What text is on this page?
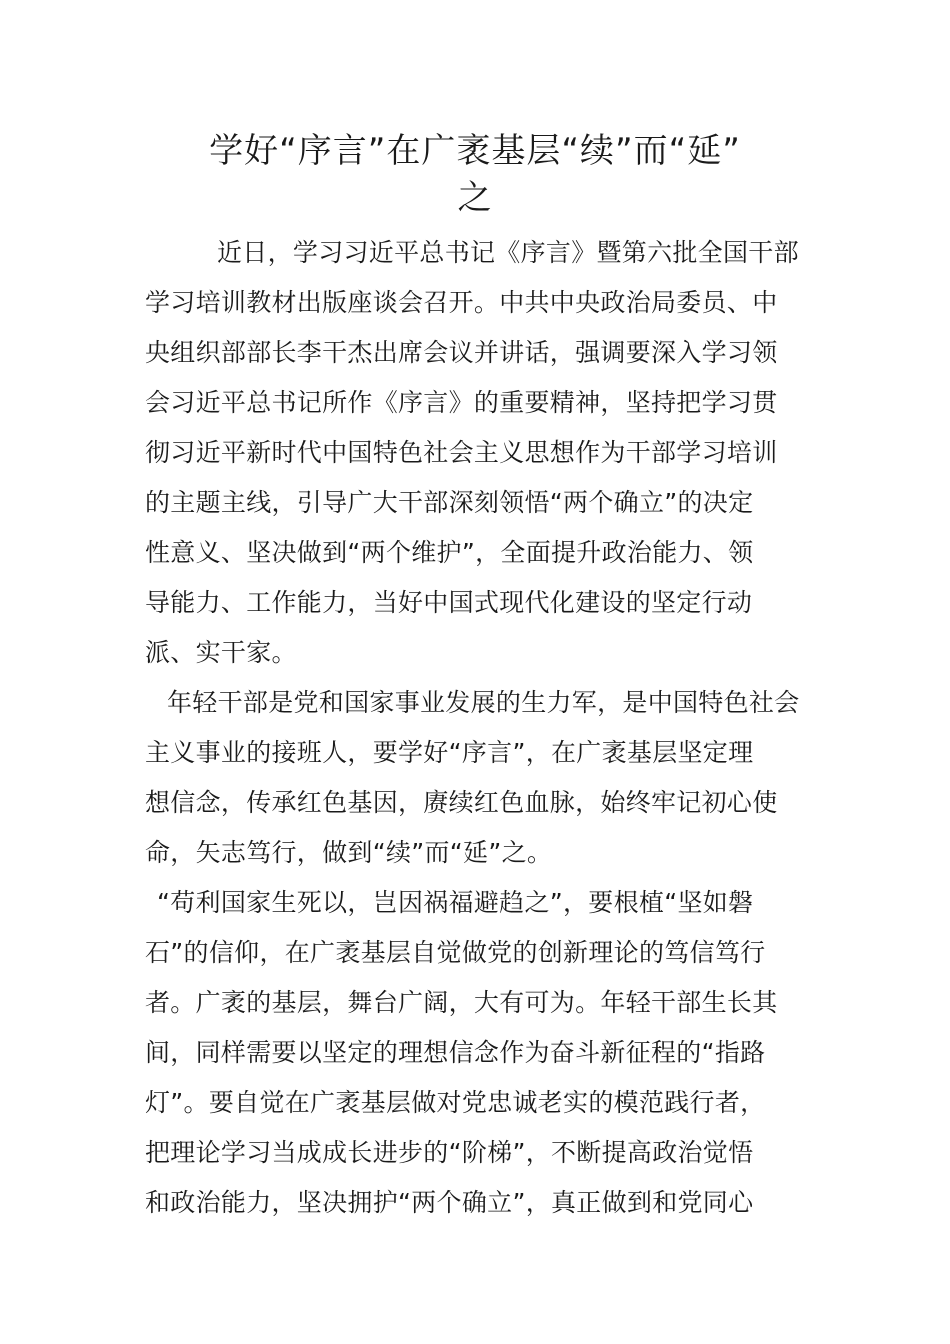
学好“序言”在广袤基层“续”而“延”
之
近日，学习习近平总书记《序言》暨第六批全国干部
学习培训教材出版座谈会召开。中共中央政治局委员、中
央组织部部长李干杰出席会议并讲话，强调要深入学习领
会习近平总书记所作《序言》的重要精神，坚持把学习贯
彻习近平新时代中国特色社会主义思想作为干部学习培训
的主题主线，引导广大干部深刻领悟“两个确立”的决定
性意义、坚决做到“两个维护”，全面提升政治能力、领
导能力、工作能力，当好中国式现代化建设的坚定行动
派、实干家。
年轻干部是党和国家事业发展的生力军，是中国特色社会
主义事业的接班人，要学好“序言”，在广袤基层坚定理
想信念，传承红色基因，赓续红色血脉，始终牢记初心使
命，矢志笃行，做到“续”而“延”之。
“苟利国家生死以，岂因祸福避趋之”，要根植“坚如磐
石”的信仰，在广袤基层自觉做党的创新理论的笃信笃行
者。广袤的基层，舞台广阔，大有可为。年轻干部生长其
间，同样需要以坚定的理想信念作为奋斗新征程的“指路
灯”。要自觉在广袤基层做对党忠诚老实的模范践行者，
把理论学习当成成长进步的“阶梯”，不断提高政治觉悟
和政治能力，坚决拥护“两个确立”，真正做到和党同心
